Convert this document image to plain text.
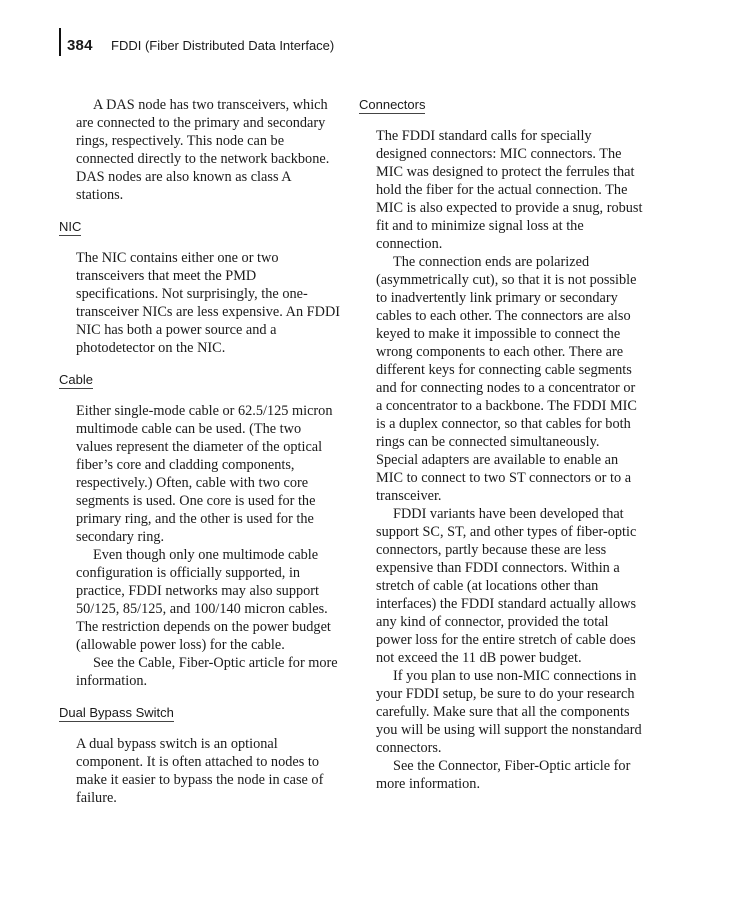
384 FDDI (Fiber Distributed Data Interface)

A DAS node has two transceivers, which are connected to the primary and secondary rings, respectively. This node can be connected directly to the network backbone. DAS nodes are also known as class A stations.

NIC

The NIC contains either one or two transceivers that meet the PMD specifications. Not surprisingly, the one-transceiver NICs are less expensive. An FDDI NIC has both a power source and a photodetector on the NIC.

Cable

Either single-mode cable or 62.5/125 micron multimode cable can be used. (The two values represent the diameter of the optical fiber’s core and cladding components, respectively.) Often, cable with two core segments is used. One core is used for the primary ring, and the other is used for the secondary ring.

Even though only one multimode cable configuration is officially supported, in practice, FDDI networks may also support 50/125, 85/125, and 100/140 micron cables. The restriction depends on the power budget (allowable power loss) for the cable.

See the Cable, Fiber-Optic article for more information.

Dual Bypass Switch

A dual bypass switch is an optional component. It is often attached to nodes to make it easier to bypass the node in case of failure.

Connectors

The FDDI standard calls for specially designed connectors: MIC connectors. The MIC was designed to protect the ferrules that hold the fiber for the actual connection. The MIC is also expected to provide a snug, robust fit and to minimize signal loss at the connection.

The connection ends are polarized (asymmetrically cut), so that it is not possible to inadvertently link primary or secondary cables to each other. The connectors are also keyed to make it impossible to connect the wrong components to each other. There are different keys for connecting cable segments and for connecting nodes to a concentrator or a concentrator to a backbone. The FDDI MIC is a duplex connector, so that cables for both rings can be connected simultaneously. Special adapters are available to enable an MIC to connect to two ST connectors or to a transceiver.

FDDI variants have been developed that support SC, ST, and other types of fiber-optic connectors, partly because these are less expensive than FDDI connectors. Within a stretch of cable (at locations other than interfaces) the FDDI standard actually allows any kind of connector, provided the total power loss for the entire stretch of cable does not exceed the 11 dB power budget.

If you plan to use non-MIC connections in your FDDI setup, be sure to do your research carefully. Make sure that all the components you will be using will support the nonstandard connectors.

See the Connector, Fiber-Optic article for more information.
